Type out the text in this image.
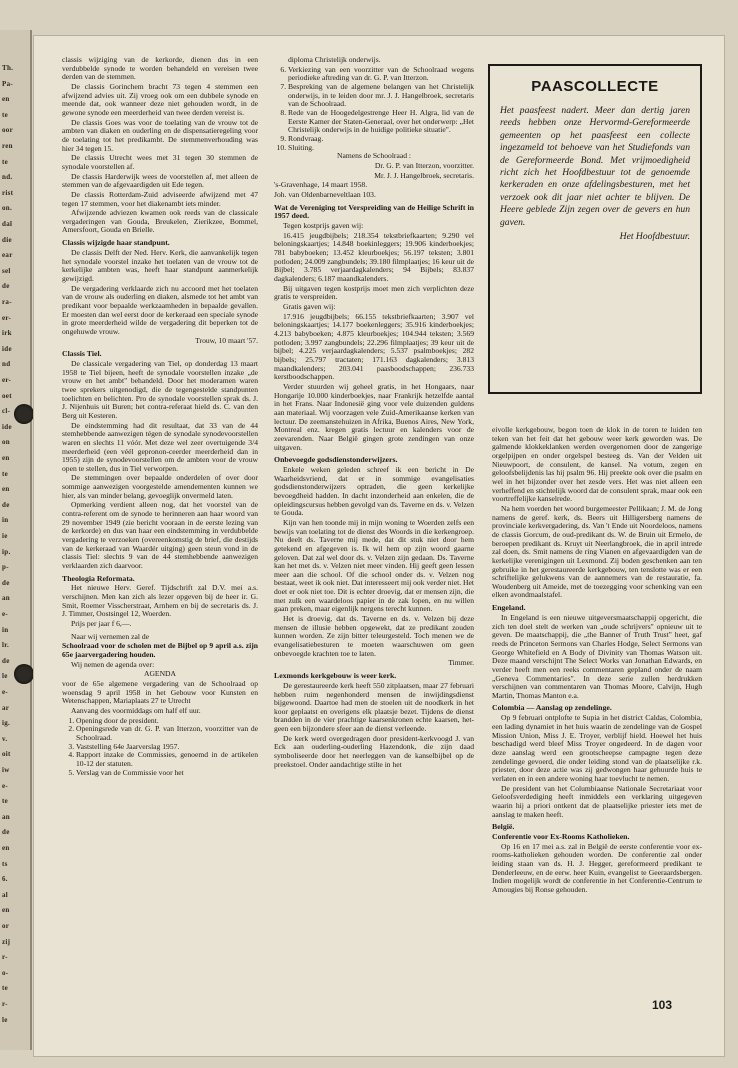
Th.
Pa-
en
te
oor
ren
te
nd.
rist
on.
dal
die
ear
sel
de
ra-
er-
irk
ide
nd
er-
oet
cl-
ide
on
en
te
en
de
in
ie
ip.
p-
de
an
e-
in
lr.
de
le
e-
ar
ig.
v.
oit
iw
e-
te
an
de
en
ts
6.
al
en
or
zij
r-
o-
te
r-
le

classis wijziging van de kerkorde, dienen dus in een verdubbelde synode te worden behandeld en vereisen twee derden van de stemmen.

De classis Gorinchem bracht 73 tegen 4 stemmen een afwijzend advies uit. Zij vroeg ook om een dubbele synode en meende dat, ook wanneer deze niet gehouden wordt, in de gewone synode een meerderheid van twee derden vereist is.

De classis Goes was voor de toelating van de vrouw tot de ambten van diaken en ouderling en de dispensatieregeling voor de toelating tot het predikambt. De stemmenverhouding was hier 34 tegen 15.

De classis Utrecht wees met 31 tegen 30 stemmen de synodale voorstellen af.

De classis Harderwijk wees de voorstellen af, met alleen de stemmen van de afgevaardigden uit Ede tegen.

De classis Rotterdam-Zuid adviseerde afwijzend met 47 tegen 17 stemmen, voor het diakenambt iets minder.

Afwijzende adviezen kwamen ook reeds van de classicale vergaderingen van Gouda, Breukelen, Zierikzee, Bommel, Amersfoort, Gouda en Brielle.

Classis wijzigde haar standpunt.

De classis Delft der Ned. Herv. Kerk, die aanvankelijk tegen het synodale voorstel inzake het toelaten van de vrouw tot de kerkelijke ambten was, heeft haar standpunt aanmerkelijk gewijzigd.

De vergadering verklaarde zich nu accoord met het toelaten van de vrouw als ouderling en diaken, alsmede tot het ambt van predikant voor bepaalde werkzaamheden in bepaalde gevallen. Er moesten dan wel eerst door de kerkeraad een speciale synode in grote meerderheid wilde de vergadering dit beperken tot de ongehuwde vrouw.

Trouw, 10 maart '57.

Classis Tiel.

De classicale vergadering van Tiel, op donderdag 13 maart 1958 te Tiel bijeen, heeft de synodale voorstellen inzake „de vrouw en het ambt" behandeld. Door het moderamen waren twee sprekers uitgenodigd, die de tegengestelde standpunten toelichten en belichten. Pro de synodale voorstellen sprak ds. J. J. Nijenhuis uit Buren; het contra-referaat hield ds. C. van den Berg uit Kesteren.

De eindstemming had dit resultaat, dat 33 van de 44 stemhebbende aanwezigen tégen de synodale synodevoorstellen waren en slechts 11 vóór. Met deze wel zeer overtuigende 3/4 meerderheid (een véél gepronon-ceerder meerderheid dan in 1955) zijn de synodevoorstellen om de ambten voor de vrouw open te stellen, dus in Tiel verworpen.

De stemmingen over bepaalde onderdelen of over door sommige aanwezigen voorgestelde amendementen kunnen we hier, als van minder belang, gevoeglijk onvermeld laten.

Opmerking verdient alleen nog, dat het voorstel van de contra-referent om de synode te herinneren aan haar woord van 29 november 1949 (zie bericht vooraan in de eerste lezing van de kerkorde) en dus van haar een eindstemming in verdubbelde vergadering te verzoeken (overeenkomstig de brief, die destijds van de kerkeraad van Waardér uitging) geen steun vond in de classis Tiel: slechts 9 van de 44 stemhebbende aanwezigen verklaarden zich daarvoor.

Theologia Reformata.

Het nieuwe Herv. Geref. Tijdschrift zal D.V. mei a.s. verschijnen. Men kan zich als lezer opgeven bij de heer ir. G. Smit, Roemer Visscherstraat, Arnhem en bij de secretaris ds. J. J. Timmer, Oostsingel 12, Woerden.

Prijs per jaar f 6,—.

Naar wij vernemen zal de

Schoolraad voor de scholen met de Bijbel op 9 april a.s. zijn 65e jaarvergadering houden.

Wij nemen de agenda over:

AGENDA

voor de 65e algemene vergadering van de Schoolraad op woensdag 9 april 1958 in het Gebouw voor Kunsten en Wetenschappen, Mariaplaats 27 te Utrecht

Aanvang des voormiddags om half elf uur.

1. Opening door de president.
2. Openingsrede van dr. G. P. van Itterzon, voorzitter van de Schoolraad.
3. Vaststelling 64e Jaarverslag 1957.
4. Rapport inzake de Commissies, genoemd in de artikelen 10-12 der statuten.
5. Verslag van de Commissie voor het

diploma Christelijk onderwijs.

6. Verkiezing van een voorzitter van de Schoolraad wegens periodieke aftreding van dr. G. P. van Itterzon.
7. Bespreking van de algemene belangen van het Christelijk onderwijs, in te leiden door mr. J. J. Hangelbroek, secretaris van de Schoolraad.
8. Rede van de Hoogedelgestrenge Heer H. Algra, lid van de Eerste Kamer der Staten-Generaal, over het onderwerp: „Het Christelijk onderwijs in de huidige politieke situatie".
9. Rondvraag.
10. Sluiting.

Namens de Schoolraad :

Dr. G. P. van Itterzon, voorzitter.

Mr. J. J. Hangelbroek, secretaris.

's-Gravenhage, 14 maart 1958.

Joh. van Oldenbarneveltlaan 103.

Wat de Vereniging tot Verspreiding van de Heilige Schrift in 1957 deed.

Tegen kostprijs gaven wij:

16.415 jeugdbijbels; 218.354 tekstbriefkaarten; 9.290 vel beloningskaartjes; 14.848 boekinleggers; 19.906 kinderboekjes; 781 babyboeken; 13.452 kleurboekjes; 56.197 teksten; 3.801 potloden; 24.009 zangbundels; 39.180 filmplaatjes; 16 keur uit de Bijbel; 3.785 verjaardagkalenders; 94 Bijbels; 83.837 dagkalenders; 6.187 maandkalenders.

Bij uitgaven tegen kostprijs moet men zich verplichten deze gratis te verspreiden.

Gratis gaven wij:

17.916 jeugdbijbels; 66.155 tekstbriefkaarten; 3.907 vel beloningskaartjes; 14.177 boekenleggers; 35.916 kinderboekjes; 4.213 babyboeken; 4.875 kleurboekjes; 104.944 teksten; 3.569 potloden; 3.997 zangbundels; 22.296 filmplaatjes; 39 keur uit de bijbel; 4.225 verjaardagkalenders; 5.537 psalmboekjes; 282 bijbels; 25.797 tractaten; 171.163 dagkalenders; 3.813 maandkalenders; 203.041 paasboodschappen; 236.733 kerstboodschappen.

Verder stuurden wij geheel gratis, in het Hongaars, naar Hongarije 10.000 kinderboekjes, naar Frankrijk hetzelfde aantal in het Frans. Naar Indonesië ging voor vele duizenden guldens aan materiaal. Wij voorzagen vele Zuid-Amerikaanse kerken van lectuur. De zeemanstehuizen in Afrika, Buenos Aires, New York, Montreal enz. kregen gratis lectuur en kalenders voor de zeevarenden. Naar België gingen grote zendingen van onze uitgaven.

Onbevoegde godsdienstonderwijzers.

Enkele weken geleden schreef ik een bericht in De Waarheidsvriend, dat er in sommige evangelisaties godsdienstonderwijzers optraden, die geen kerkelijke bevoegdheid hadden. In dacht inzonderheid aan enkelen, die de opleidingscursus hebben gevolgd van ds. Taverne en ds. v. Velzen te Gouda.

Kijn van hen toonde mij in mijn woning te Woerden zelfs een bewijs van toelating tot de dienst des Woords in die kerkengroep. Nu deelt ds. Taverne mij mede, dat dit stuk niet door hem getekend en afgegeven is. Ik wil hem op zijn woord gaarne geloven. Dat zal wel door ds. v. Velzen zijn gedaan. Ds. Taverne kan het met ds. v. Velzen niet meer vinden. Hij geeft geen lessen meer aan die school. Of die school onder ds. v. Velzen nog bestaat, weet ik ook niet. Dat interesseert mij ook verder niet. Het doet er ook niet toe. Dit is echter droevig, dat er mensen zijn, die met zulk een waardeloos papier in de zak lopen, en nu willen gaan preken, maar eigenlijk nergens terecht kunnen.

Het is droevig, dat ds. Taverne en ds. v. Velzen bij deze mensen de illusie hebben opgewekt, dat ze predikant zouden kunnen worden. Ze zijn bitter teleurgesteld. Toch menen we de evangelisatiebesturen te moeten waarschuwen om geen onbevoegde krachten toe te laten.

Timmer.

Lexmonds kerkgebouw is weer kerk.

De gerestaureerde kerk heeft 550 zitplaatsen, maar 27 februari hebben ruim negenhonderd mensen de inwijdingsdienst bijgewoond. Daartoe had men de stoelen uit de noodkerk in het koor geplaatst en overigens elk plaatsje bezet. Tijdens de dienst brandden in de vier prachtige kaarsenkronen echte kaarsen, hetgeen een bijzondere sfeer aan de dienst verleende.

De kerk werd overgedragen door president-kerkvoogd J. van Eck aan ouderling-ouderling Hazendonk, die zijn daad symboliseerde door het neerleggen van de kanselbijbel op de preekstoel. Onder aandachtige stilte in het

PAASCOLLECTE

Het paasfeest nadert. Meer dan dertig jaren reeds hebben onze Hervormd-Gereformeerde gemeenten op het paasfeest een collecte ingezameld tot behoeve van het Studiefonds van de Gereformeerde Bond. Met vrijmoedigheid richt zich het Hoofdbestuur tot de genoemde kerkeraden en onze afdelingsbesturen, met het verzoek ook dit jaar niet achter te blijven. De Heere geblede Zijn zegen over de gevers en hun gaven.

Het Hoofdbestuur.

eivolle kerkgebouw, begon toen de klok in de toren te luiden ten teken van het feit dat het gebouw weer kerk geworden was. De galmende klokkeklanken werden overgenomen door de zangerige orgelpijpen en onder orgelspel besteeg ds. Van der Velden uit Nieuwpoort, de consulent, de kansel. Na votum, zegen en geloofsbelijdenis las hij psalm 96. Hij preekte ook over die psalm en wel in het bijzonder over het zesde vers. Het was niet alleen een verheffend en stichtelijk woord dat de consulent sprak, maar ook een voortreffelijke kanselrede.

Na hem voerden het woord burgemeester Pellikaan; J. M. de Jong namens de geref. kerk, ds. Beers uit Hilligersberg namens de provinciale kerkvergadering, ds. Van 't Ende uit Noordeloos, namens de classis Gorcum, de oud-predikant ds. W. de Bruin uit Ermelo, de beroepen predikant ds. Kruyt uit Neerlangbroek, die in april intrede zal doen, ds. Smit namens de ring Vianen en afgevaardigden van de kerkelijke verenigingen uit Lexmond. Zij boden geschenken aan ten gebruike in het gerestaureerde kerkgebouw, ten tenslotte was er een schriftelijke gelukwens van de aannemers van de restauratie, fa. Woudenberg uit Ameide, met de toezegging voor schenking van een elken avondmaalstafel.

Engeland.

In Engeland is een nieuwe uitgeversmaatschappij opgericht, die zich ten doel stelt de werken van „oude schrijvers" opnieuw uit te geven. De maatschappij, die „the Banner of Truth Trust" heet, gaf reeds de Princeton Sermons van Charles Hodge, Select Sermons van George Whitefield en A Body of Divinity van Thomas Watson uit. Deze maand verschijnt The Select Works van Jonathan Edwards, en verder heeft men een reeks commentaren gepland onder de naam „Geneva Commentaries". In deze serie zullen herdrukken verschijnen van commentaren van Thomas Moore, Calvijn, Hugh Martin, Thomas Manton e.a.

Colombia — Aanslag op zendelinge.

Op 9 februari ontplofte te Supia in het district Caldas, Colombia, een lading dynamiet in het huis waarin de zendelinge van de Gospel Mission Union, Miss J. E. Troyer, verblijf hield. Hoewel het huis beschadigd werd bleef Miss Troyer ongedeerd. In de dagen voor deze aanslag werd een grootscheepse campagne tegen deze zendelinge gevoerd, die onder leiding stond van de plaatselijke r.k. priester, door deze actie was zij gedwongen haar gehuurde huis te verlaten en in een andere woning haar toevlucht te nemen.

De president van het Columbiaanse Nationale Secretariaat voor Geloofsverdediging heeft inmiddels een verklaring uitgegeven waarin hij a priori ontkent dat de plaatselijke priester iets met de aanslag te maken heeft.

België.
Conferentie voor Ex-Rooms Katholieken.

Op 16 en 17 mei a.s. zal in België de eerste conferentie voor ex-rooms-katholieken gehouden worden. De conferentie zal onder leiding staan van ds. H. J. Hegger, gereformeerd predikant te Denderleeuw, en de eerw. heer Kuin, evangelist te Geeraardsbergen. Indien mogelijk wordt de conferentie in het Conferentie-Centrum te Amougies bij Ronse gehouden.

103
